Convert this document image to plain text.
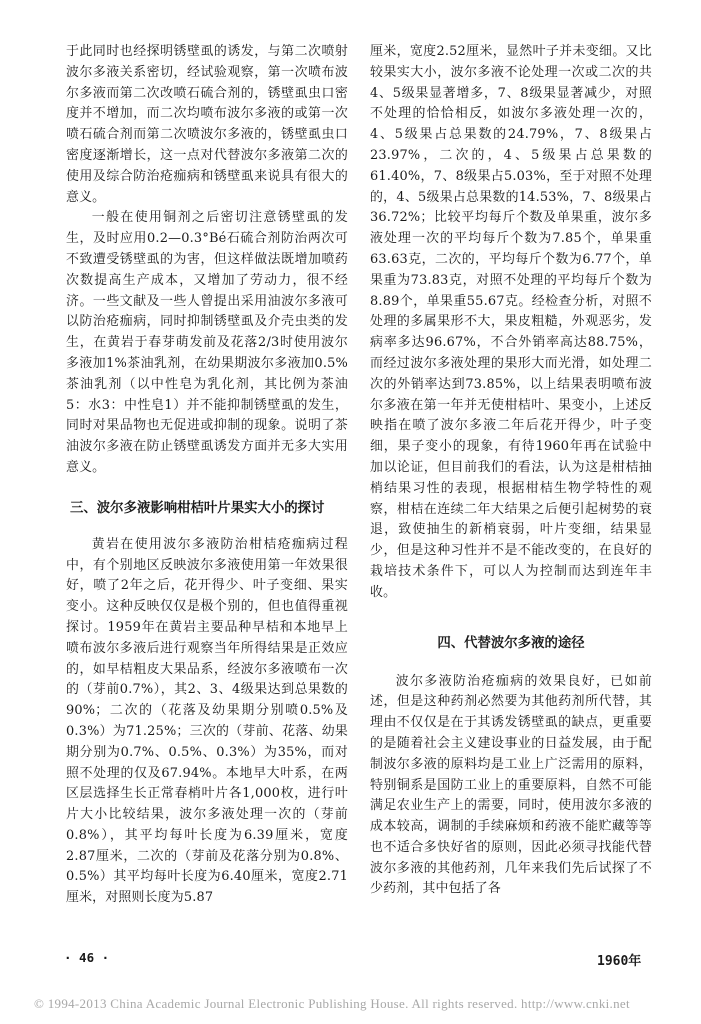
于此同时也经探明锈壁虱的诱发，与第二次喷射波尔多液关系密切，经试验观察，第一次喷布波尔多液而第二次改喷石硫合剂的，锈壁虱虫口密度并不增加，而二次均喷布波尔多液的或第一次喷石硫合剂而第二次喷波尔多液的，锈壁虱虫口密度逐渐增长，这一点对代替波尔多液第二次的使用及综合防治疮痂病和锈壁虱来说具有很大的意义。

一般在使用铜剂之后密切注意锈壁虱的发生，及时应用0.2—0.3°Bé石硫合剂防治两次可不致遭受锈壁虱的为害，但这样做法既增加喷药次数提高生产成本，又增加了劳动力，很不经济。一些文献及一些人曾提出采用油波尔多液可以防治疮痂病，同时抑制锈壁虱及介壳虫类的发生，在黄岩于春芽萌发前及花落2/3时使用波尔多液加1%茶油乳剂，在幼果期波尔多液加0.5%茶油乳剂（以中性皂为乳化剂，其比例为茶油5：水3：中性皂1）并不能抑制锈壁虱的发生，同时对果品物也无促进或抑制的现象。说明了茶油波尔多液在防止锈壁虱诱发方面并无多大实用意义。

三、波尔多液影响柑桔叶片果实大小的探讨

黄岩在使用波尔多液防治柑桔疮痂病过程中，有个别地区反映波尔多液使用第一年效果很好，喷了2年之后，花开得少、叶子变细、果实变小。这种反映仅仅是极个别的，但也值得重视探讨。1959年在黄岩主要品种早桔和本地早上喷布波尔多液后进行观察当年所得结果是正效应的，如早桔粗皮大果品系，经波尔多液喷布一次的（芽前0.7%），其2、3、4级果达到总果数的90%；二次的（花落及幼果期分别喷0.5%及0.3%）为71.25%；三次的（芽前、花落、幼果期分别为0.7%、0.5%、0.3%）为35%，而对照不处理的仅及67.94%。本地早大叶系，在两区层选择生长正常春梢叶片各1,000枚，进行叶片大小比较结果，波尔多液处理一次的（芽前0.8%），其平均每叶长度为6.39厘米，宽度2.87厘米，二次的（芽前及花落分别为0.8%、0.5%）其平均每叶长度为6.40厘米，宽度2.71厘米，对照则长度为5.87

厘米，宽度2.52厘米，显然叶子并未变细。又比较果实大小，波尔多液不论处理一次或二次的共4、5级果显著增多，7、8级果显著减少，对照不处理的恰恰相反，如波尔多液处理一次的，4、5级果占总果数的24.79%，7、8级果占23.97%，二次的，4、5级果占总果数的61.40%，7、8级果占5.03%，至于对照不处理的，4、5级果占总果数的14.53%，7、8级果占36.72%；比较平均每斤个数及单果重，波尔多液处理一次的平均每斤个数为7.85个，单果重63.63克，二次的，平均每斤个数为6.77个，单果重为73.83克，对照不处理的平均每斤个数为8.89个，单果重55.67克。经检查分析，对照不处理的多属果形不大，果皮粗糙，外观恶劣，发病率多达96.67%，不合外销率高达88.75%，而经过波尔多液处理的果形大而光滑，如处理二次的外销率达到73.85%，以上结果表明喷布波尔多液在第一年并无使柑桔叶、果变小，上述反映指在喷了波尔多液二年后花开得少，叶子变细，果子变小的现象，有待1960年再在试验中加以论证，但目前我们的看法，认为这是柑桔抽梢结果习性的表现，根据柑桔生物学特性的观察，柑桔在连续二年大结果之后便引起树势的衰退，致使抽生的新梢衰弱，叶片变细，结果显少，但是这种习性并不是不能改变的，在良好的栽培技术条件下，可以人为控制而达到连年丰收。

四、代替波尔多液的途径

波尔多液防治疮痂病的效果良好，已如前述，但是这种药剂必然要为其他药剂所代替，其理由不仅仅是在于其诱发锈壁虱的缺点，更重要的是随着社会主义建设事业的日益发展，由于配制波尔多液的原料均是工业上广泛需用的原料，特别铜系是国防工业上的重要原料，自然不可能满足农业生产上的需要，同时，使用波尔多液的成本较高，调制的手续麻烦和药液不能贮藏等等也不适合多快好省的原则，因此必须寻找能代替波尔多液的其他药剂，几年来我们先后试探了不少药剂，其中包括了各

· 46 ·	1960年
© 1994-2013 China Academic Journal Electronic Publishing House. All rights reserved. http://www.cnki.net
